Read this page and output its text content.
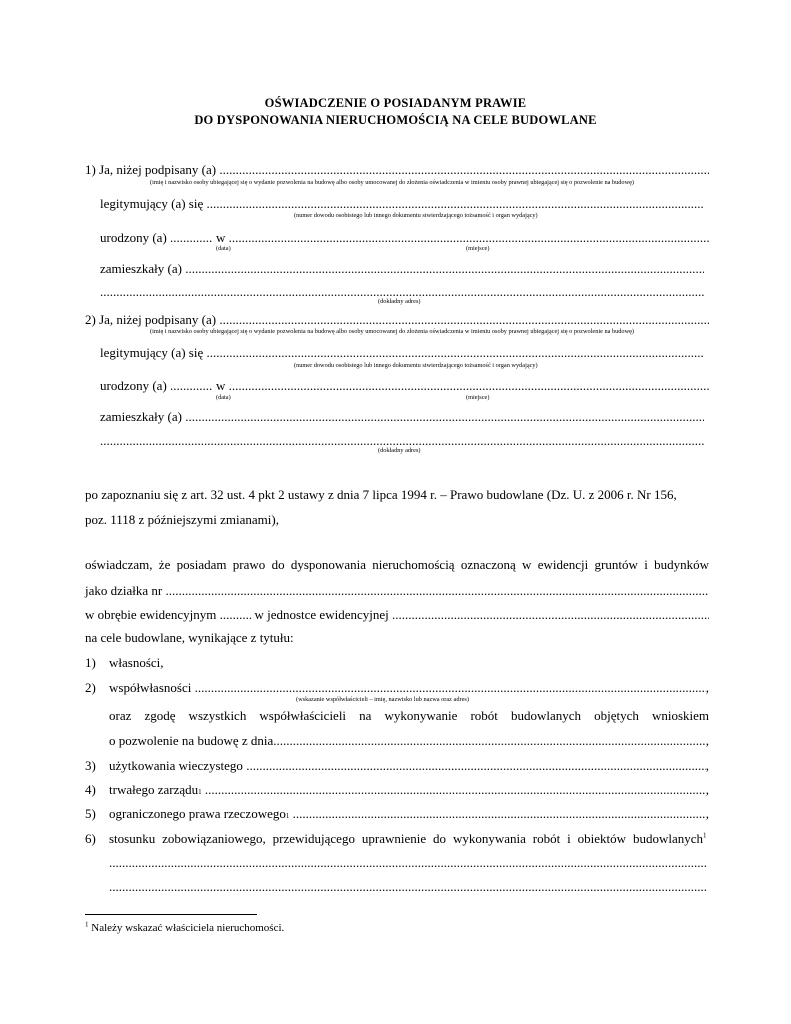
OŚWIADCZENIE O POSIADANYM PRAWIE
DO DYSPONOWANIA NIERUCHOMOŚCIĄ NA CELE BUDOWLANE
1)
Ja, niżej podpisany (a)

.....
(imię i nazwisko osoby ubiegającej się o wydanie pozwolenia na budowę albo osoby umocowanej do złożenia oświadczenia w imieniu osoby prawnej ubiegającej się o pozwolenie na budowę)
legitymujący (a) się

.....
(numer dowodu osobistego lub innego dokumentu stwierdzającego tożsamość i organ wydający)
urodzony (a)
.....
	w

.....
(data)	(miejsce)
zamieszkały (a)

.....
.....
(dokładny adres)
2)
Ja, niżej podpisany (a)

.....
(imię i nazwisko osoby ubiegającej się o wydanie pozwolenia na budowę albo osoby umocowanej do złożenia oświadczenia w imieniu osoby prawnej ubiegającej się o pozwolenie na budowę)
legitymujący (a) się

.....
(numer dowodu osobistego lub innego dokumentu stwierdzającego tożsamość i organ wydający)
urodzony (a)
.....
	w

.....
(data)	(miejsce)
zamieszkały (a)

.....
.....
(dokładny adres)
po zapoznaniu się z art. 32 ust. 4 pkt 2 ustawy z dnia 7 lipca 1994 r. – Prawo budowlane (Dz. U. z 2006 r. Nr 156,
poz. 1118 z późniejszymi zmianami),
oświadczam, że posiadam prawo do dysponowania nieruchomością oznaczoną w ewidencji gruntów i budynków
jako działka nr

.....
w obrębie ewidencyjnym
.....
	w jednostce ewidencyjnej

.....
na cele budowlane, wynikające z tytułu:
1) własności,
2) współwłasności
.....	,
(wskazanie współwłaścicieli – imię, nazwisko lub nazwa oraz adres)
oraz zgodę wszystkich współwłaścicieli na wykonywanie robót budowlanych objętych wnioskiem
o pozwolenie na budowę z dnia .....	,
3) użytkowania wieczystego
.....	,
4) trwałego zarządu 1
.....	,
5) ograniczonego prawa rzeczowego 1
.....	,
6) stosunku zobowiązaniowego, przewidującego uprawnienie do wykonywania robót i obiektów budowlanych$^1$
.....
.....
$^1$ Należy wskazać właściciela nieruchomości.
